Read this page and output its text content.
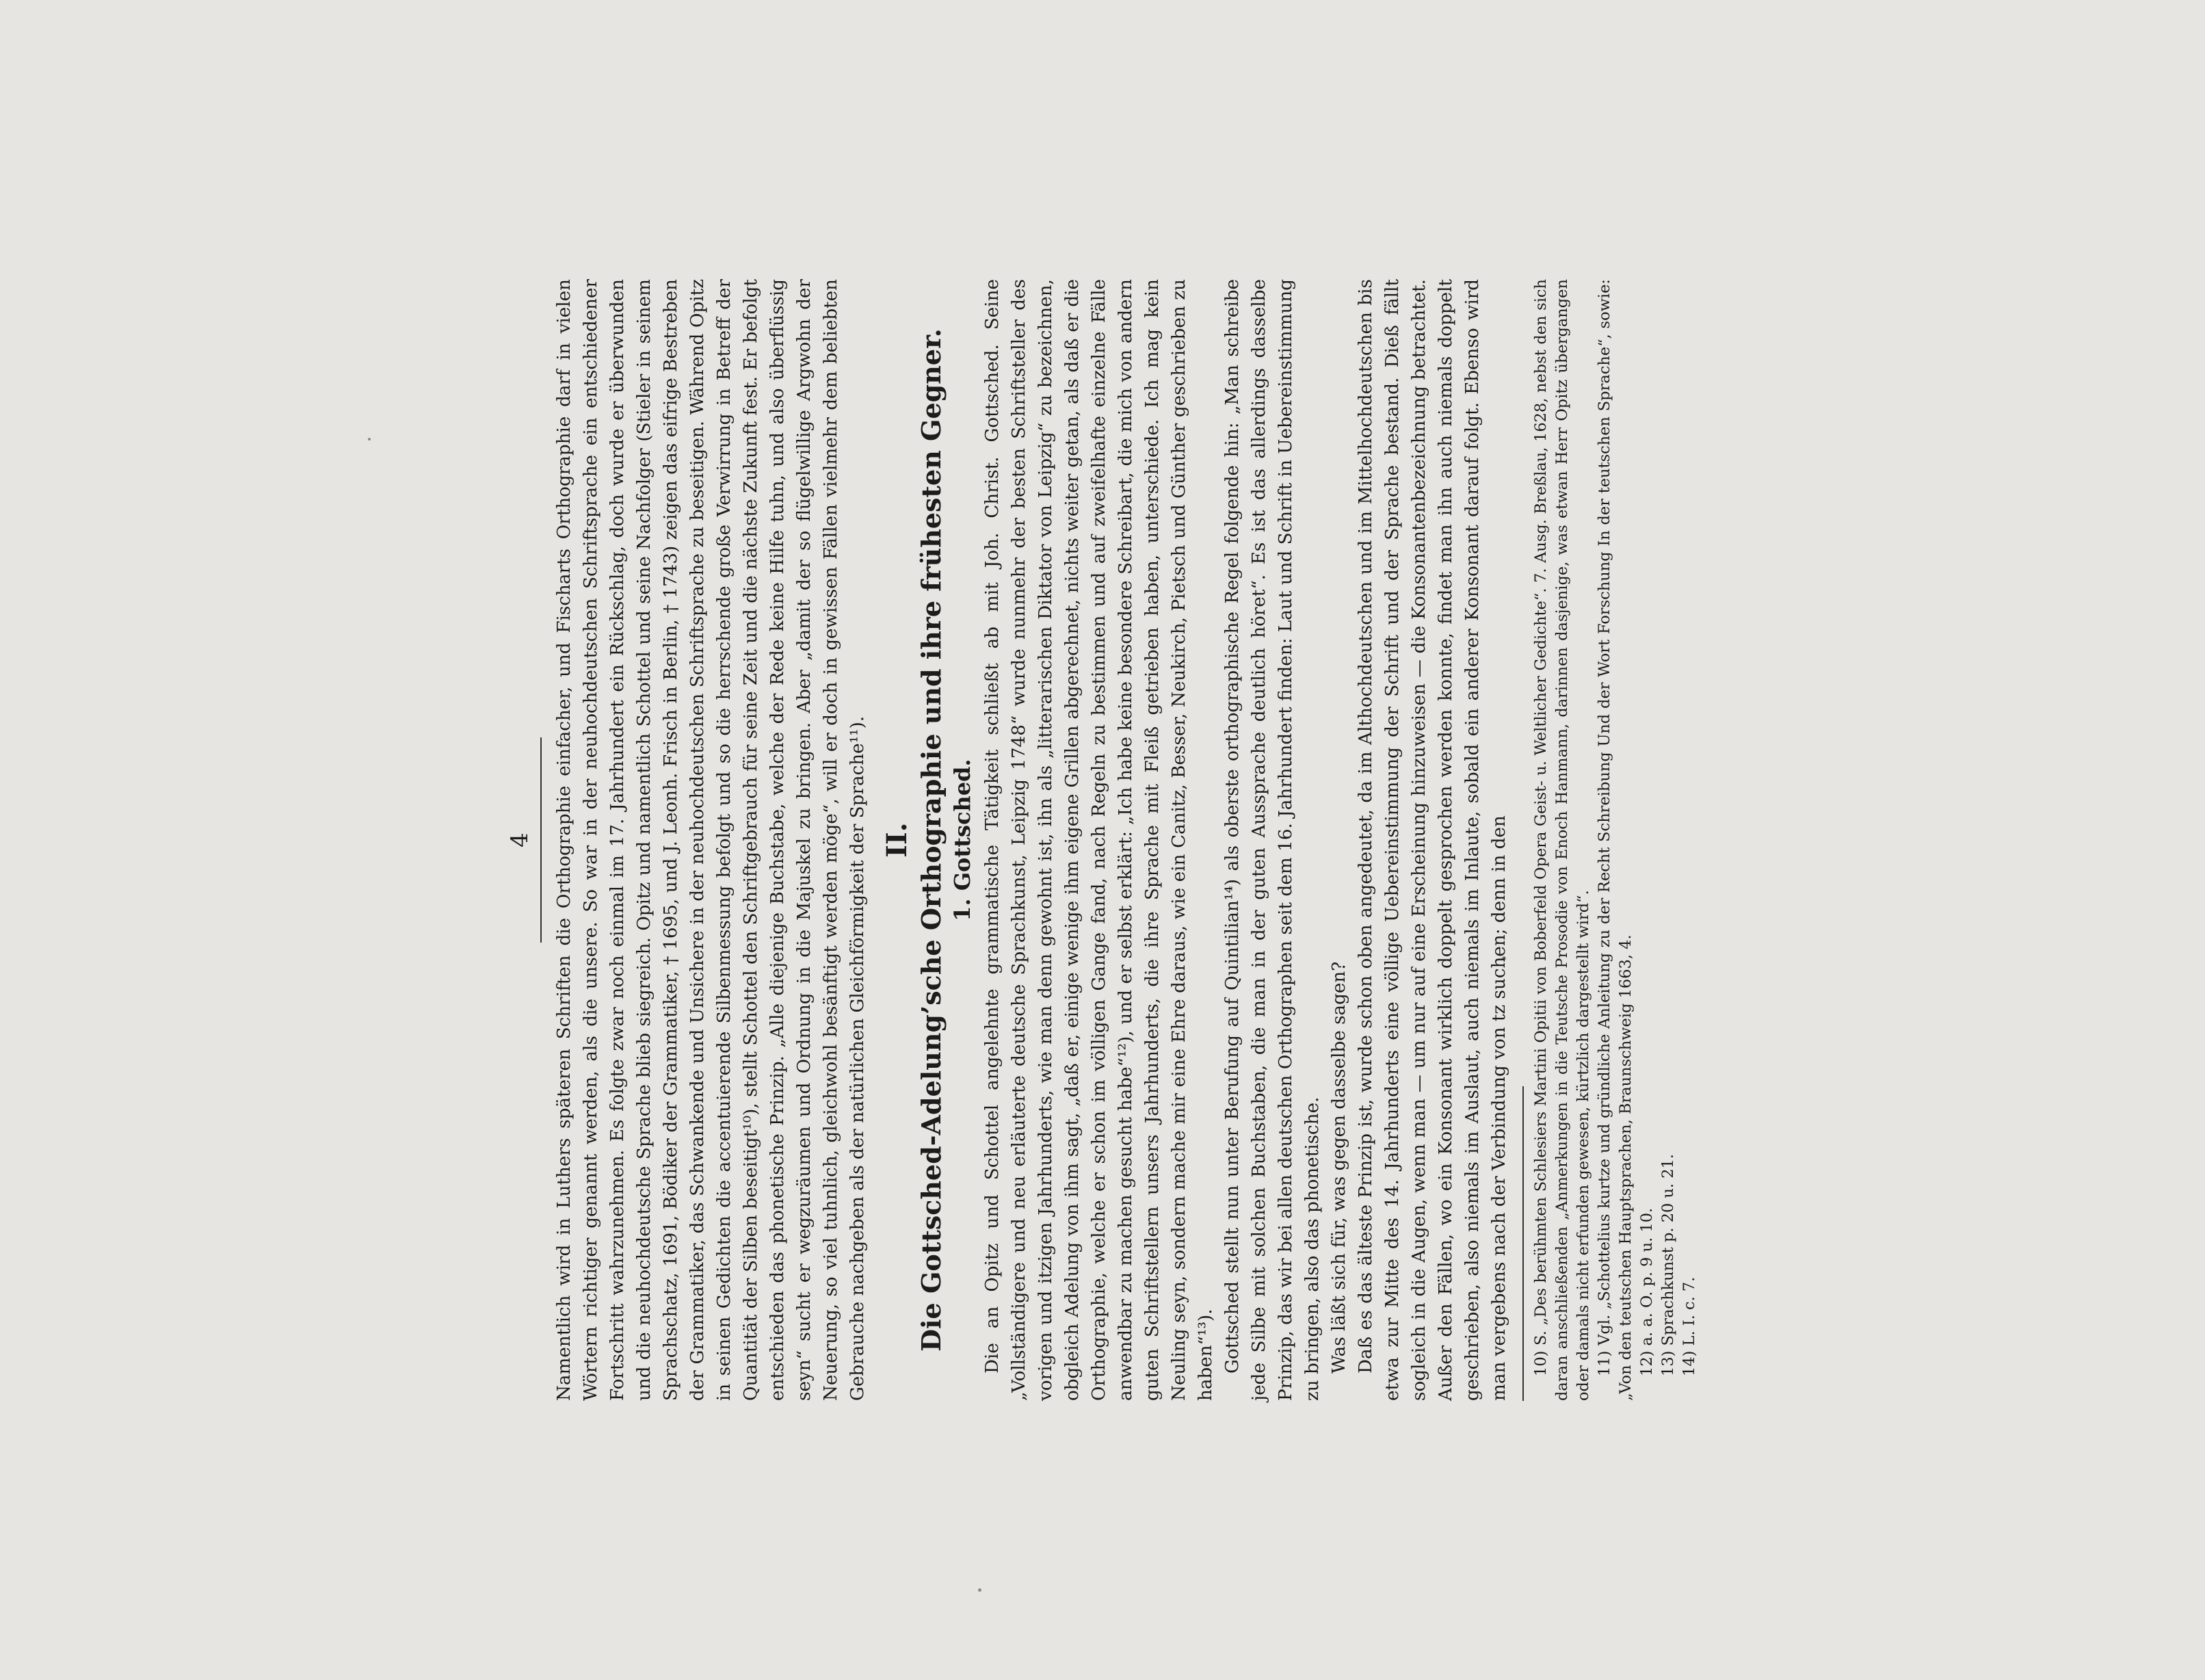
4 Namentlich wird in Luthers späteren Schriften die Orthographie einfacher, und Fischarts Orthographie darf in vielen Wörtern richtiger genannt werden, als die unsere. So war in der neuhochdeutschen Schriftsprache ein entschiedener Fortschritt wahrzunehmen. Es folgte zwar noch einmal im 17. Jahrhundert ein Rückschlag, doch wurde er überwunden und die neuhochdeutsche Sprache blieb siegreich. Opitz und namentlich Schottel und seine Nachfolger (Stieler in seinem Sprachschatz, 1691, Bödiker der Grammatiker, † 1695, und J. Leonh. Frisch in Berlin, † 1743) zeigen das eifrige Bestreben der Grammatiker, das Schwankende und Unsichere in der neuhochdeutschen Schriftsprache zu beseitigen. Während Opitz in seinen Gedichten die accentuierende Silbenmessung befolgt und so die herrschende große Verwirrung in Betreff der Quantität der Silben beseitigt¹⁰), stellt Schottel den Schriftgebrauch für seine Zeit und die nächste Zukunft fest. Er befolgt entschieden das phonetische Prinzip. „Alle diejenige Buchstabe, welche der Rede keine Hilfe tuhn, und also überflüssig seyn“ sucht er wegzuräumen und Ordnung in die Majuskel zu bringen. Aber „damit der so flügelwillige Argwohn der Neuerung, so viel tuhnlich, gleichwohl besänftigt werden möge“, will er doch in gewissen Fällen vielmehr dem beliebten Gebrauche nachgeben als der natürlichen Gleichförmigkeit der Sprache¹¹). II. Die Gottsched-Adelung’sche Orthographie und ihre frühesten Gegner. 1. Gottsched. Die an Opitz und Schottel angelehnte grammatische Tätigkeit schließt ab mit Joh. Christ. Gottsched. Seine „Vollständigere und neu erläuterte deutsche Sprachkunst, Leipzig 1748“ wurde nunmehr der besten Schriftsteller des vorigen und itzigen Jahrhunderts, wie man denn gewohnt ist, ihn als „litterarischen Diktator von Leipzig“ zu bezeichnen, obgleich Adelung von ihm sagt, „daß er, einige wenige ihm eigene Grillen abgerechnet, nichts weiter getan, als daß er die Orthographie, welche er schon im völligen Gange fand, nach Regeln zu bestimmen und auf zweifelhafte einzelne Fälle anwendbar zu machen gesucht habe“¹²), und er selbst erklärt: „Ich habe keine besondere Schreibart, die mich von andern guten Schriftstellern unsers Jahrhunderts, die ihre Sprache mit Fleiß getrieben haben, unterschiede. Ich mag kein Neuling seyn, sondern mache mir eine Ehre daraus, wie ein Canitz, Besser, Neukirch, Pietsch und Günther geschrieben zu haben“¹³). Gottsched stellt nun unter Berufung auf Quintilian¹⁴) als oberste orthographische Regel folgende hin: „Man schreibe jede Silbe mit solchen Buchstaben, die man in der guten Aussprache deutlich höret“. Es ist das allerdings dasselbe Prinzip, das wir bei allen deutschen Orthographen seit dem 16. Jahrhundert finden: Laut und Schrift in Uebereinstimmung zu bringen, also das phonetische. Was läßt sich für, was gegen dasselbe sagen? Daß es das älteste Prinzip ist, wurde schon oben angedeutet, da im Althochdeutschen und im Mittelhochdeutschen bis etwa zur Mitte des 14. Jahrhunderts eine völlige Uebereinstimmung der Schrift und der Sprache bestand. Dieß fällt sogleich in die Augen, wenn man — um nur auf eine Erscheinung hinzuweisen — die Konsonantenbezeichnung betrachtet. Außer den Fällen, wo ein Konsonant wirklich doppelt gesprochen werden konnte, findet man ihn auch niemals doppelt geschrieben, also niemals im Auslaut, auch niemals im Inlaute, sobald ein anderer Konsonant darauf folgt. Ebenso wird man vergebens nach der Verbindung von tz suchen; denn in den 10) S. „Des berühmten Schlesiers Martini Opitii von Boberfeld Opera Geist- u. Weltlicher Gedichte“. 7. Ausg. Breßlau, 1628, nebst den sich daran anschließenden „Anmerkungen in die Teutsche Prosodie von Enoch Hanmann, darinnen dasjenige, was etwan Herr Opitz übergangen oder damals nicht erfunden gewesen, kürtzlich dargestellt wird“. 11) Vgl. „Schottelius kurtze und gründliche Anleitung zu der Recht Schreibung Und der Wort Forschung In der teutschen Sprache“, sowie: „Von den teutschen Hauptsprachen, Braunschweig 1663, 4. 12) a. a. O. p. 9 u. 10. 13) Sprachkunst p. 20 u. 21. 14) L. I. c. 7.
